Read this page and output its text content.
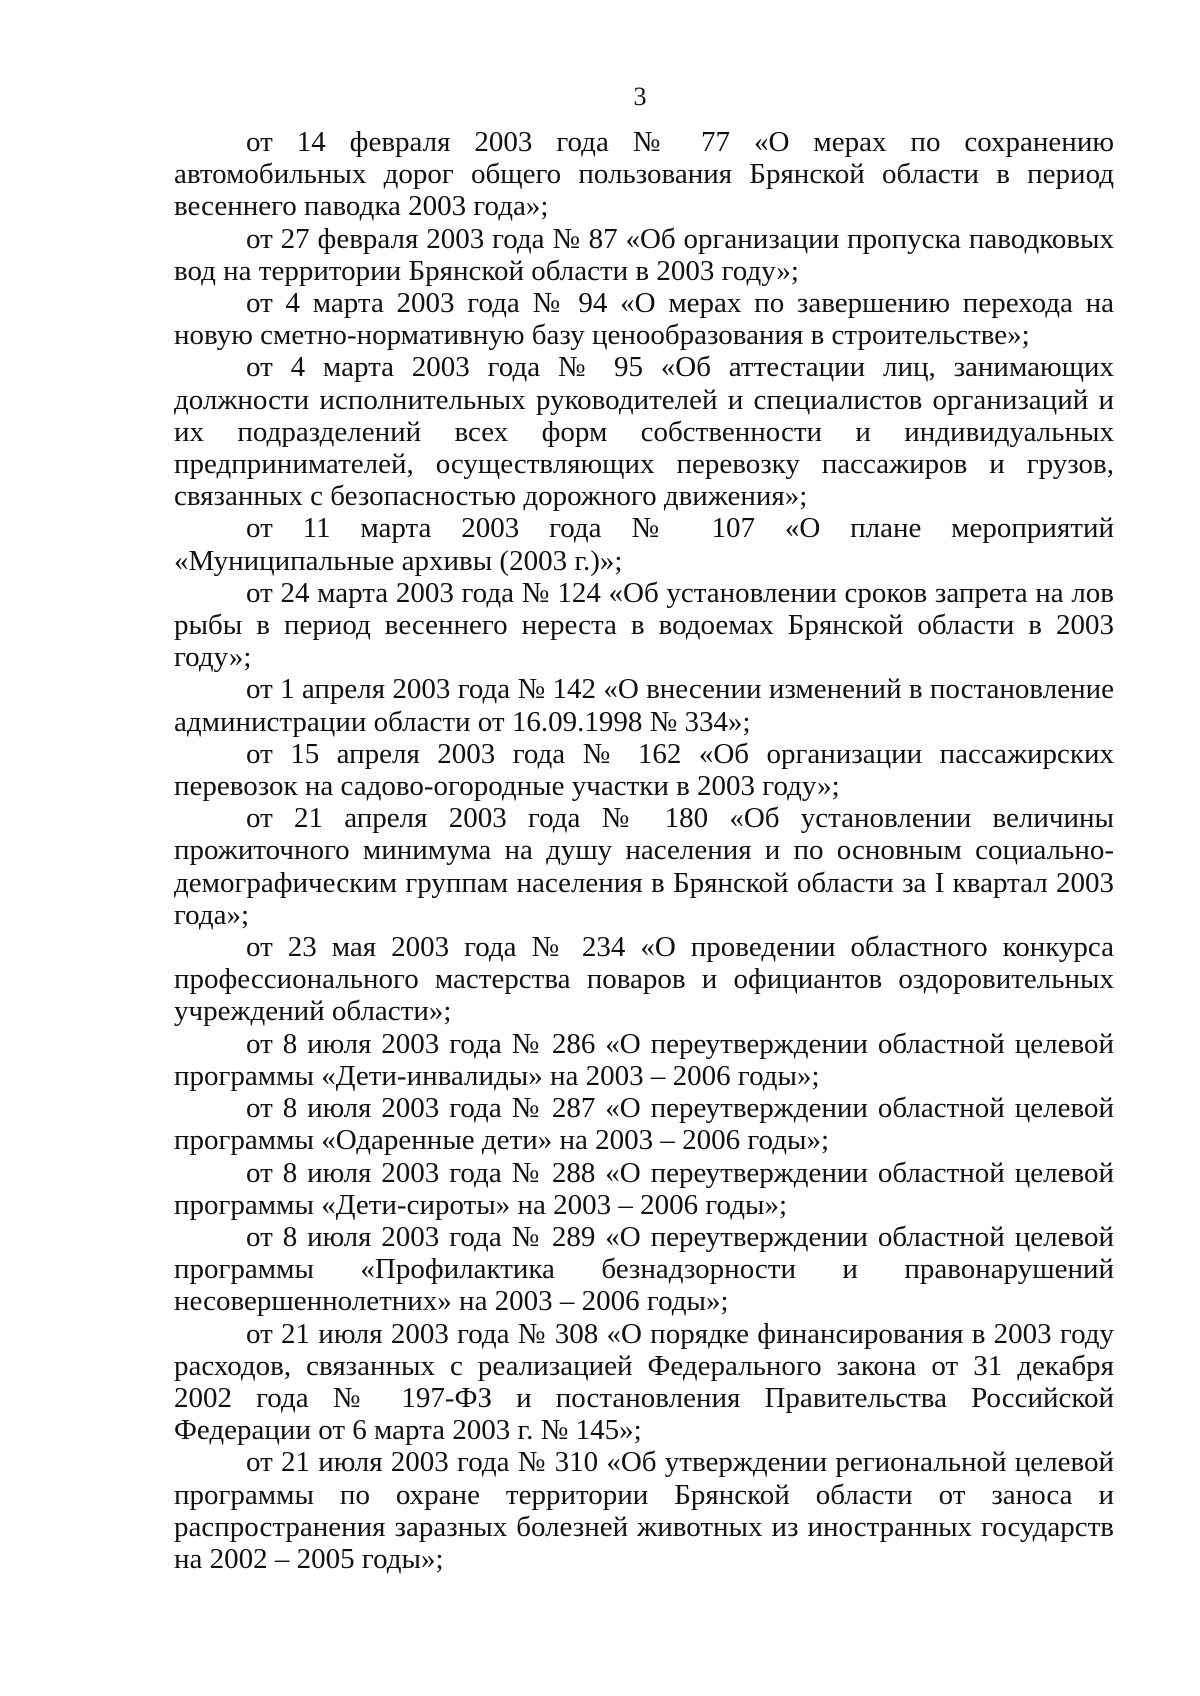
3

от 14 февраля 2003 года № 77 «О мерах по сохранению автомобильных дорог общего пользования Брянской области в период весеннего паводка 2003 года»;

от 27 февраля 2003 года № 87 «Об организации пропуска паводковых вод на территории Брянской области в 2003 году»;

от 4 марта 2003 года № 94 «О мерах по завершению перехода на новую сметно-нормативную базу ценообразования в строительстве»;

от 4 марта 2003 года № 95 «Об аттестации лиц, занимающих должности исполнительных руководителей и специалистов организаций и их подразделений всех форм собственности и индивидуальных предпринимателей, осуществляющих перевозку пассажиров и грузов, связанных с безопасностью дорожного движения»;

от 11 марта 2003 года № 107 «О плане мероприятий «Муниципальные архивы (2003 г.)»;

от 24 марта 2003 года № 124 «Об установлении сроков запрета на лов рыбы в период весеннего нереста в водоемах Брянской области в 2003 году»;

от 1 апреля 2003 года № 142 «О внесении изменений в постановление администрации области от 16.09.1998 № 334»;

от 15 апреля 2003 года № 162 «Об организации пассажирских перевозок на садово-огородные участки в 2003 году»;

от 21 апреля 2003 года № 180 «Об установлении величины прожиточного минимума на душу населения и по основным социально-демографическим группам населения в Брянской области за I квартал 2003 года»;

от 23 мая 2003 года № 234 «О проведении областного конкурса профессионального мастерства поваров и официантов оздоровительных учреждений области»;

от 8 июля 2003 года № 286 «О переутверждении областной целевой программы «Дети-инвалиды» на 2003 – 2006 годы»;

от 8 июля 2003 года № 287 «О переутверждении областной целевой программы «Одаренные дети» на 2003 – 2006 годы»;

от 8 июля 2003 года № 288 «О переутверждении областной целевой программы «Дети-сироты» на 2003 – 2006 годы»;

от 8 июля 2003 года № 289 «О переутверждении областной целевой программы «Профилактика безнадзорности и правонарушений несовершеннолетних» на 2003 – 2006 годы»;

от 21 июля 2003 года № 308 «О порядке финансирования в 2003 году расходов, связанных с реализацией Федерального закона от 31 декабря 2002 года № 197-ФЗ и постановления Правительства Российской Федерации от 6 марта 2003 г. № 145»;

от 21 июля 2003 года № 310 «Об утверждении региональной целевой программы по охране территории Брянской области от заноса и распространения заразных болезней животных из иностранных государств на 2002 – 2005 годы»;
